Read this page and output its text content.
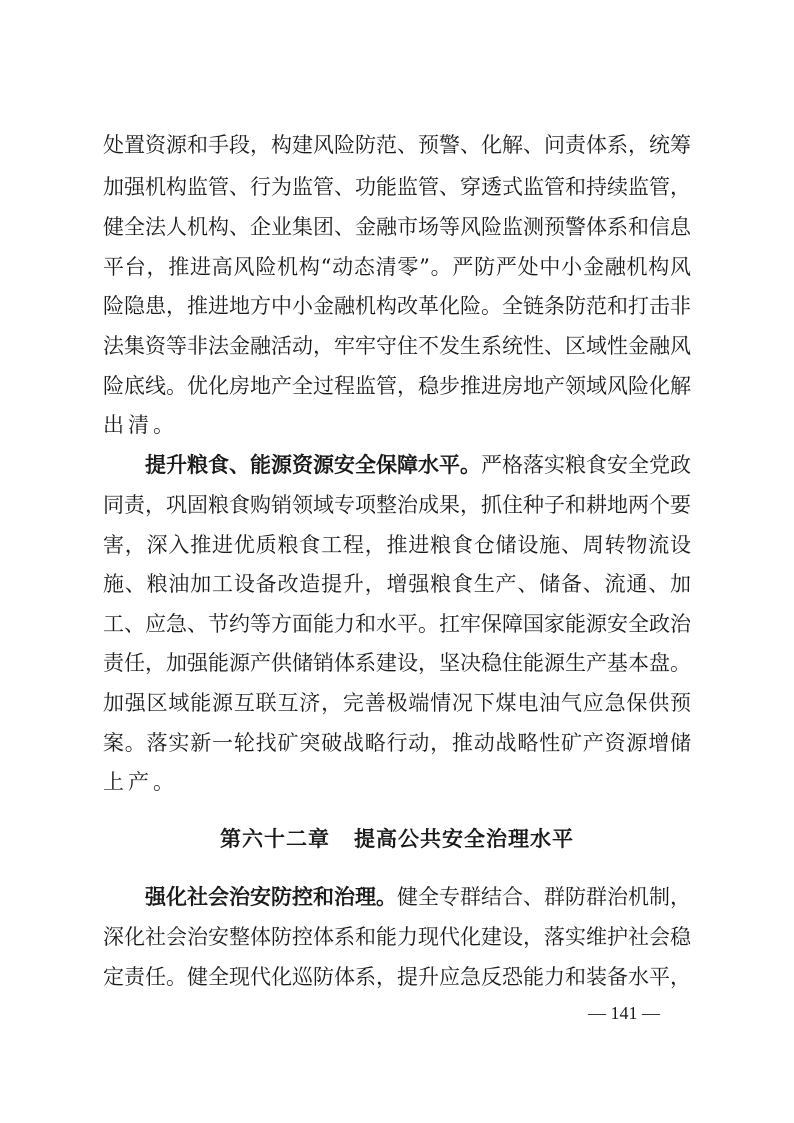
处置资源和手段，构建风险防范、预警、化解、问责体系，统筹
加强机构监管、行为监管、功能监管、穿透式监管和持续监管，
健全法人机构、企业集团、金融市场等风险监测预警体系和信息
平台，推进高风险机构“动态清零”。严防严处中小金融机构风
险隐患，推进地方中小金融机构改革化险。全链条防范和打击非
法集资等非法金融活动，牢牢守住不发生系统性、区域性金融风
险底线。优化房地产全过程监管，稳步推进房地产领域风险化解
出清。
提升粮食、能源资源安全保障水平。严格落实粮食安全党政
同责，巩固粮食购销领域专项整治成果，抓住种子和耕地两个要
害，深入推进优质粮食工程，推进粮食仓储设施、周转物流设
施、粮油加工设备改造提升，增强粮食生产、储备、流通、加
工、应急、节约等方面能力和水平。扛牢保障国家能源安全政治
责任，加强能源产供储销体系建设，坚决稳住能源生产基本盘。
加强区域能源互联互济，完善极端情况下煤电油气应急保供预
案。落实新一轮找矿突破战略行动，推动战略性矿产资源增储
上产。
第六十二章 提高公共安全治理水平
强化社会治安防控和治理。健全专群结合、群防群治机制，
深化社会治安整体防控体系和能力现代化建设，落实维护社会稳
定责任。健全现代化巡防体系，提升应急反恐能力和装备水平，
— 141 —
